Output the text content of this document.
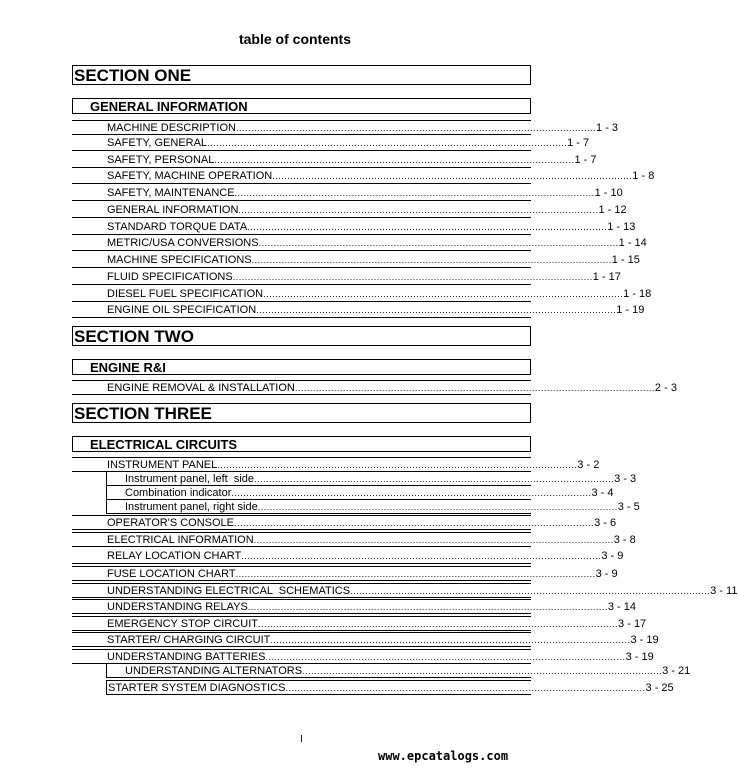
table of contents
SECTION ONE
GENERAL INFORMATION
MACHINE DESCRIPTION ........................................................................................................................ 1 - 3
SAFETY, GENERAL ........................................................................................................................ 1 - 7
SAFETY, PERSONAL ........................................................................................................................ 1 - 7
SAFETY, MACHINE OPERATION ........................................................................................................................ 1 - 8
SAFETY, MAINTENANCE ........................................................................................................................ 1 - 10
GENERAL INFORMATION ........................................................................................................................ 1 - 12
STANDARD TORQUE DATA ........................................................................................................................ 1 - 13
METRIC/USA CONVERSIONS ........................................................................................................................ 1 - 14
MACHINE SPECIFICATIONS ........................................................................................................................ 1 - 15
FLUID SPECIFICATIONS ........................................................................................................................ 1 - 17
DIESEL FUEL SPECIFICATION ........................................................................................................................ 1 - 18
ENGINE OIL SPECIFICATION ........................................................................................................................ 1 - 19
SECTION TWO
ENGINE R&I
ENGINE REMOVAL & INSTALLATION ........................................................................................................................ 2 - 3
SECTION THREE
ELECTRICAL CIRCUITS
INSTRUMENT PANEL ........................................................................................................................ 3 - 2
Instrument panel, left  side ........................................................................................................................ 3 - 3
Combination indicator ........................................................................................................................ 3 - 4
Instrument panel, right side ........................................................................................................................ 3 - 5
OPERATOR'S CONSOLE ........................................................................................................................ 3 - 6
ELECTRICAL INFORMATION ........................................................................................................................ 3 - 8
RELAY LOCATION CHART ........................................................................................................................ 3 - 9
FUSE LOCATION CHART ........................................................................................................................ 3 - 9
UNDERSTANDING ELECTRICAL  SCHEMATICS ........................................................................................................................ 3 - 11
UNDERSTANDING RELAYS ........................................................................................................................ 3 - 14
EMERGENCY STOP CIRCUIT ........................................................................................................................ 3 - 17
STARTER/ CHARGING CIRCUIT ........................................................................................................................ 3 - 19
UNDERSTANDING BATTERIES ........................................................................................................................ 3 - 19
UNDERSTANDING ALTERNATORS ........................................................................................................................ 3 - 21
STARTER SYSTEM DIAGNOSTICS ........................................................................................................................ 3 - 25
I
www.epcatalogs.com
